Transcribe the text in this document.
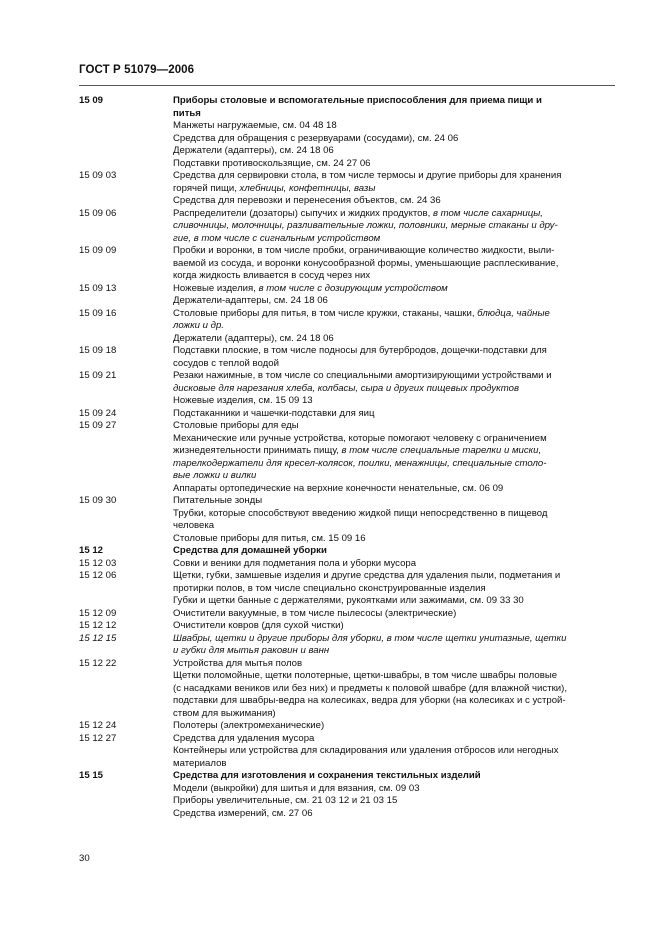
ГОСТ Р 51079—2006
15 09	Приборы столовые и вспомогательные приспособления для приема пищи и
питья
Манжеты нагружаемые, см. 04 48 18
Средства для обращения с резервуарами (сосудами), см. 24 06
Держатели (адаптеры), см. 24 18 06
Подставки противоскользящие, см. 24 27 06
15 09 03	Средства для сервировки стола, в том числе термосы и другие приборы для хранения
горячей пищи, хлебницы, конфетницы, вазы
Средства для перевозки и перенесения объектов, см. 24 36
15 09 06	Распределители (дозаторы) сыпучих и жидких продуктов, в том числе сахарницы,
сливочницы, молочницы, разливательные ложки, половники, мерные стаканы и дру-
гие, в том числе с сигнальным устройством
15 09 09	Пробки и воронки, в том числе пробки, ограничивающие количество жидкости, выли-
ваемой из сосуда, и воронки конусообразной формы, уменьшающие расплескивание,
когда жидкость вливается в сосуд через них
15 09 13	Ножевые изделия, в том числе с дозирующим устройством
Держатели-адаптеры, см. 24 18 06
15 09 16	Столовые приборы для питья, в том числе кружки, стаканы, чашки, блюдца, чайные
ложки и др.
Держатели (адаптеры), см. 24 18 06
15 09 18	Подставки плоские, в том числе подносы для бутербродов, дощечки-подставки для
сосудов с теплой водой
15 09 21	Резаки нажимные, в том числе со специальными амортизирующими устройствами и
дисковые для нарезания хлеба, колбасы, сыра и других пищевых продуктов
Ножевые изделия, см. 15 09 13
15 09 24	Подстаканники и чашечки-подставки для яиц
15 09 27	Столовые приборы для еды
Механические или ручные устройства, которые помогают человеку с ограничением
жизнедеятельности принимать пищу, в том числе специальные тарелки и миски,
тарелкодержатели для кресел-колясок, поилки, менажницы, специальные столо-
вые ложки и вилки
Аппараты ортопедические на верхние конечности ненательные, см. 06 09
15 09 30	Питательные зонды
Трубки, которые способствуют введению жидкой пищи непосредственно в пищевод
человека
Столовые приборы для питья, см. 15 09 16
15 12	Средства для домашней уборки
15 12 03	Совки и веники для подметания пола и уборки мусора
15 12 06	Щетки, губки, замшевые изделия и другие средства для удаления пыли, подметания и
протирки полов, в том числе специально сконструированные изделия
Губки и щетки банные с держателями, рукоятками или зажимами, см. 09 33 30
15 12 09	Очистители вакуумные, в том числе пылесосы (электрические)
15 12 12	Очистители ковров (для сухой чистки)
15 12 15	Швабры, щетки и другие приборы для уборки, в том числе щетки унитазные, щетки
и губки для мытья раковин и ванн
15 12 22	Устройства для мытья полов
Щетки поломойные, щетки полотерные, щетки-швабры, в том числе швабры половые
(с насадками веников или без них) и предметы к половой швабре (для влажной чистки),
подставки для швабры-ведра на колесиках, ведра для уборки (на колесиках и с устрой-
ством для выжимания)
15 12 24	Полотеры (электромеханические)
15 12 27	Средства для удаления мусора
Контейнеры или устройства для складирования или удаления отбросов или негодных
материалов
15 15	Средства для изготовления и сохранения текстильных изделий
Модели (выкройки) для шитья и для вязания, см. 09 03
Приборы увеличительные, см. 21 03 12 и 21 03 15
Средства измерений, см. 27 06
30
